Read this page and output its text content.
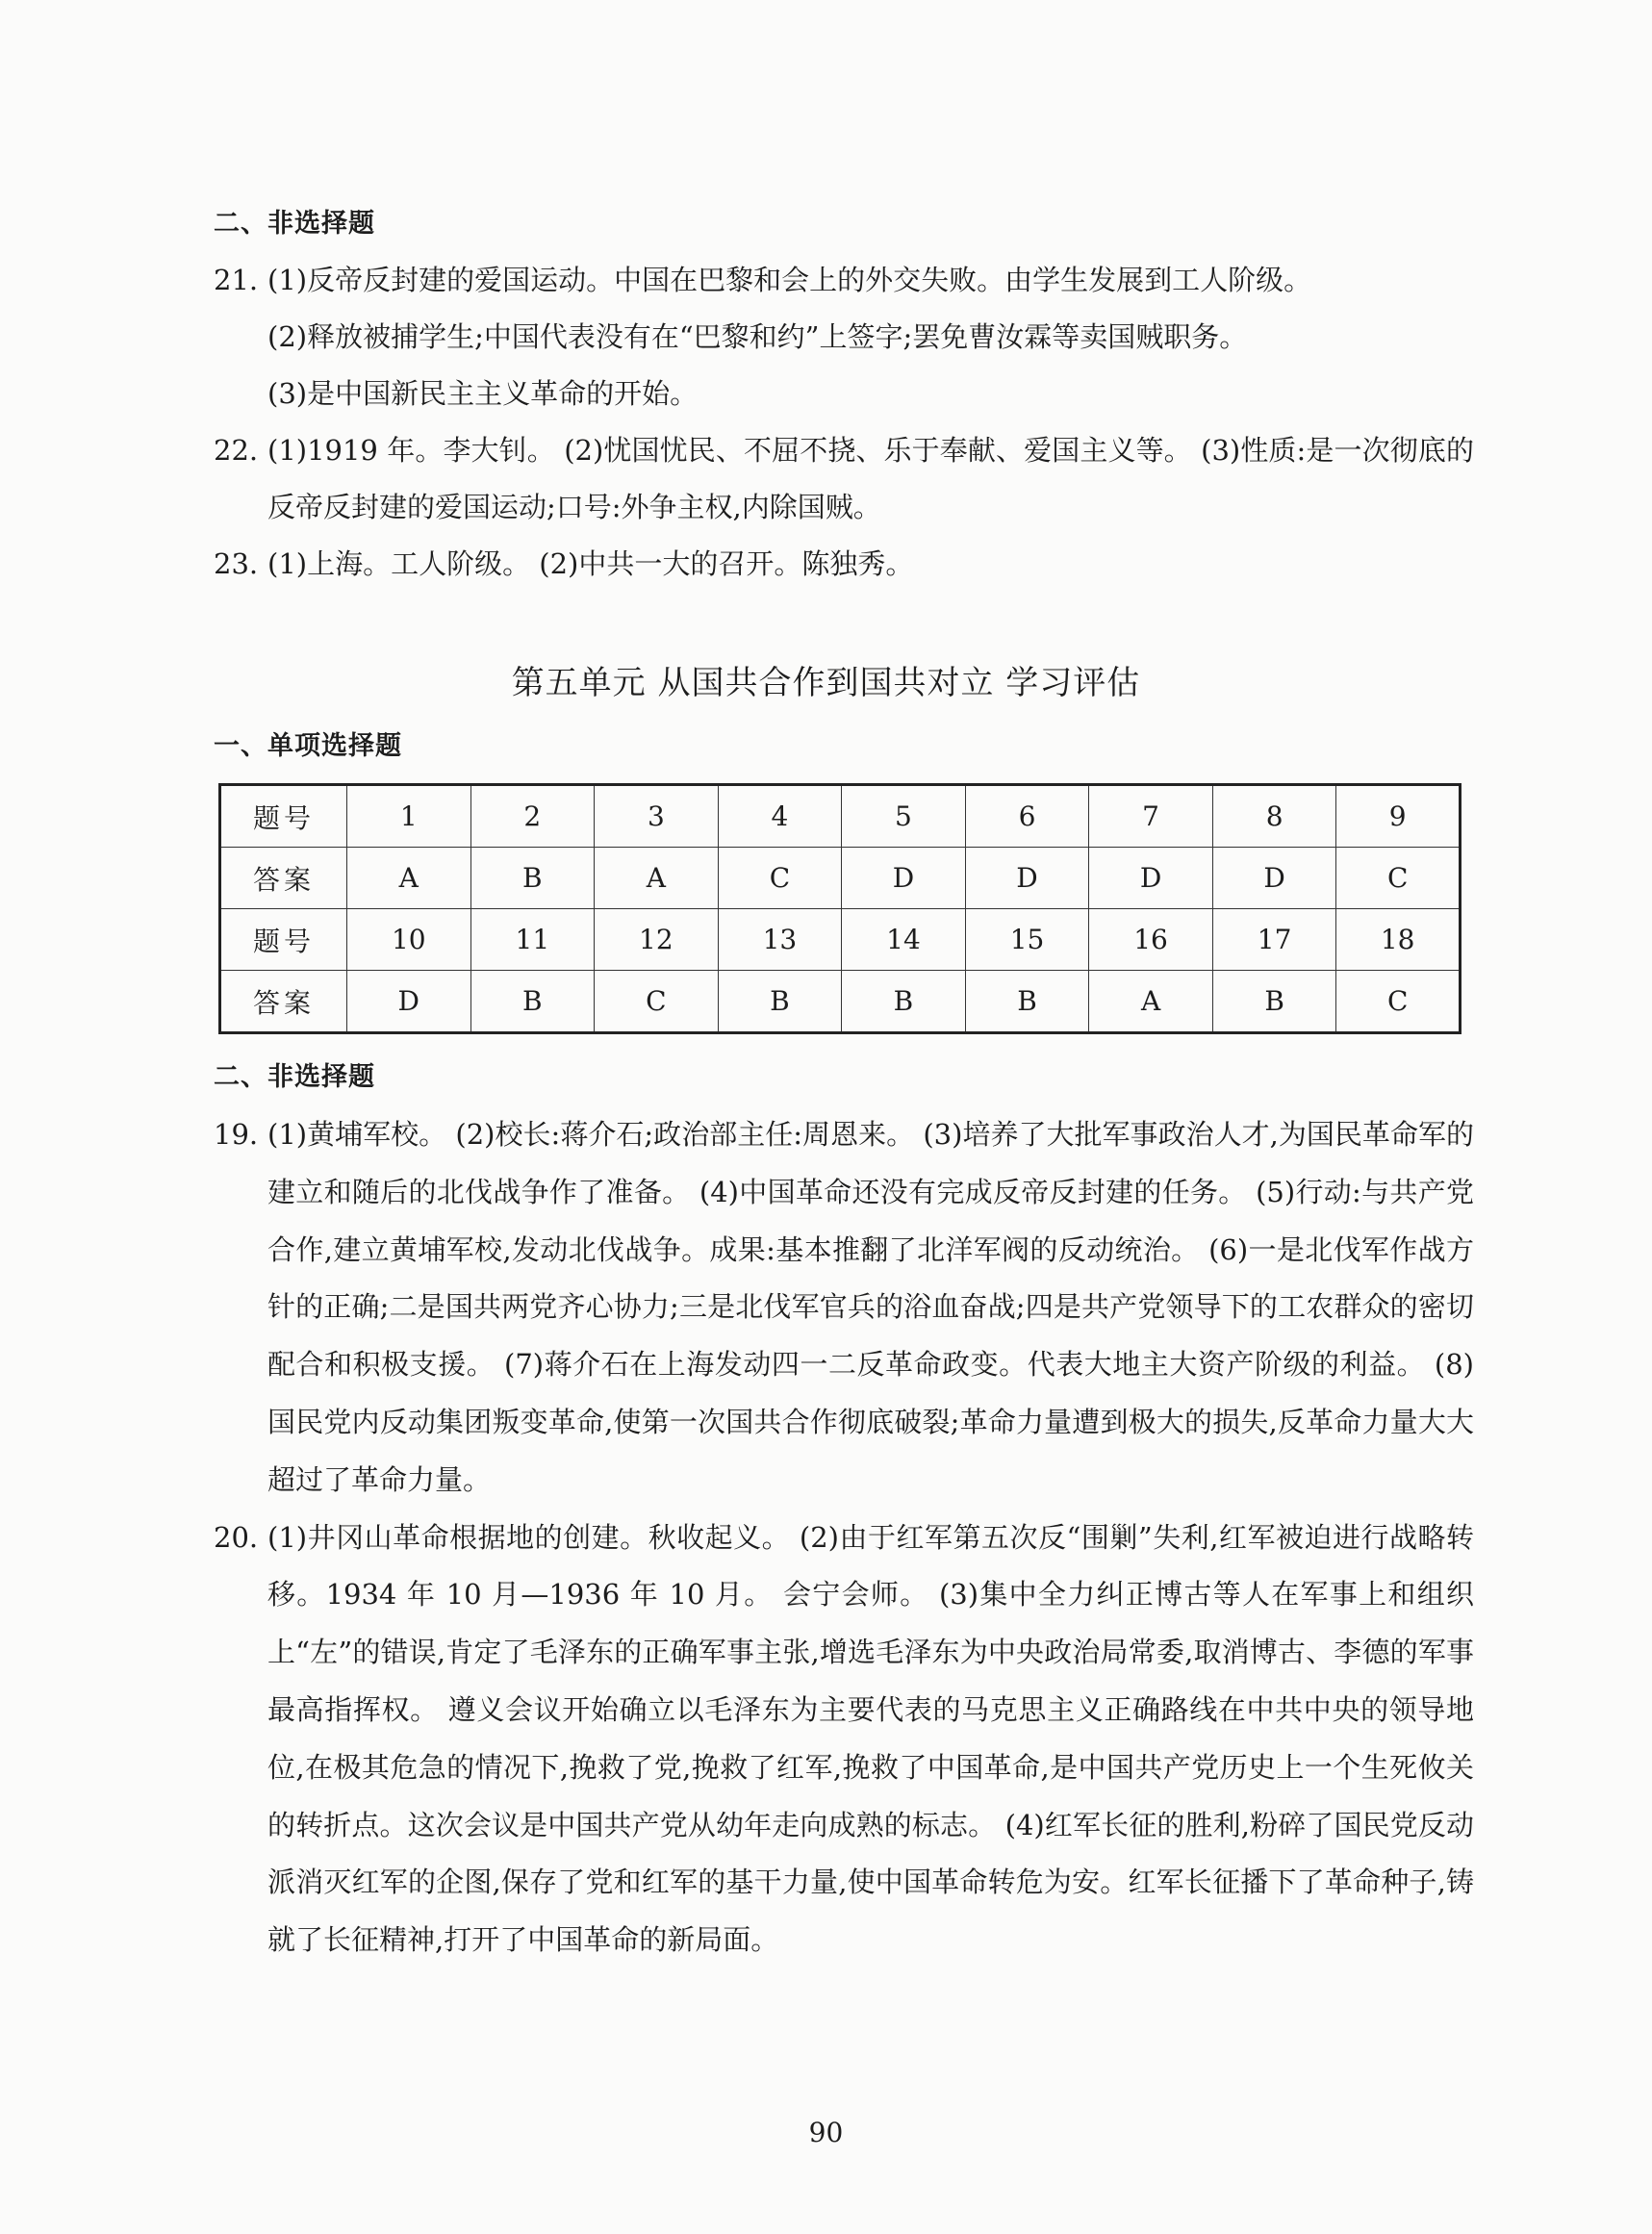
二、非选择题
21. (1)反帝反封建的爱国运动。中国在巴黎和会上的外交失败。由学生发展到工人阶级。

(2)释放被捕学生;中国代表没有在“巴黎和约”上签字;罢免曹汝霖等卖国贼职务。

(3)是中国新民主主义革命的开始。

22. (1)1919 年。李大钊。 (2)忧国忧民、不屈不挠、乐于奉献、爱国主义等。 (3)性质:是一次彻底的反帝反封建的爱国运动;口号:外争主权,内除国贼。

23. (1)上海。工人阶级。 (2)中共一大的召开。陈独秀。

第五单元 从国共合作到国共对立 学习评估
一、单项选择题
题号	1	2	3	4	5	6	7	8	9
答案	A	B	A	C	D	D	D	D	C
题号	10	11	12	13	14	15	16	17	18
答案	D	B	C	B	B	B	A	B	C
二、非选择题
19. (1)黄埔军校。 (2)校长:蒋介石;政治部主任:周恩来。 (3)培养了大批军事政治人才,为国民革命军的建立和随后的北伐战争作了准备。 (4)中国革命还没有完成反帝反封建的任务。 (5)行动:与共产党合作,建立黄埔军校,发动北伐战争。成果:基本推翻了北洋军阀的反动统治。 (6)一是北伐军作战方针的正确;二是国共两党齐心协力;三是北伐军官兵的浴血奋战;四是共产党领导下的工农群众的密切配合和积极支援。 (7)蒋介石在上海发动四一二反革命政变。代表大地主大资产阶级的利益。 (8)国民党内反动集团叛变革命,使第一次国共合作彻底破裂;革命力量遭到极大的损失,反革命力量大大超过了革命力量。

20. (1)井冈山革命根据地的创建。秋收起义。 (2)由于红军第五次反“围剿”失利,红军被迫进行战略转移。1934 年 10 月—1936 年 10 月。 会宁会师。 (3)集中全力纠正博古等人在军事上和组织上“左”的错误,肯定了毛泽东的正确军事主张,增选毛泽东为中央政治局常委,取消博古、李德的军事最高指挥权。 遵义会议开始确立以毛泽东为主要代表的马克思主义正确路线在中共中央的领导地位,在极其危急的情况下,挽救了党,挽救了红军,挽救了中国革命,是中国共产党历史上一个生死攸关的转折点。这次会议是中国共产党从幼年走向成熟的标志。 (4)红军长征的胜利,粉碎了国民党反动派消灭红军的企图,保存了党和红军的基干力量,使中国革命转危为安。红军长征播下了革命种子,铸就了长征精神,打开了中国革命的新局面。

90
